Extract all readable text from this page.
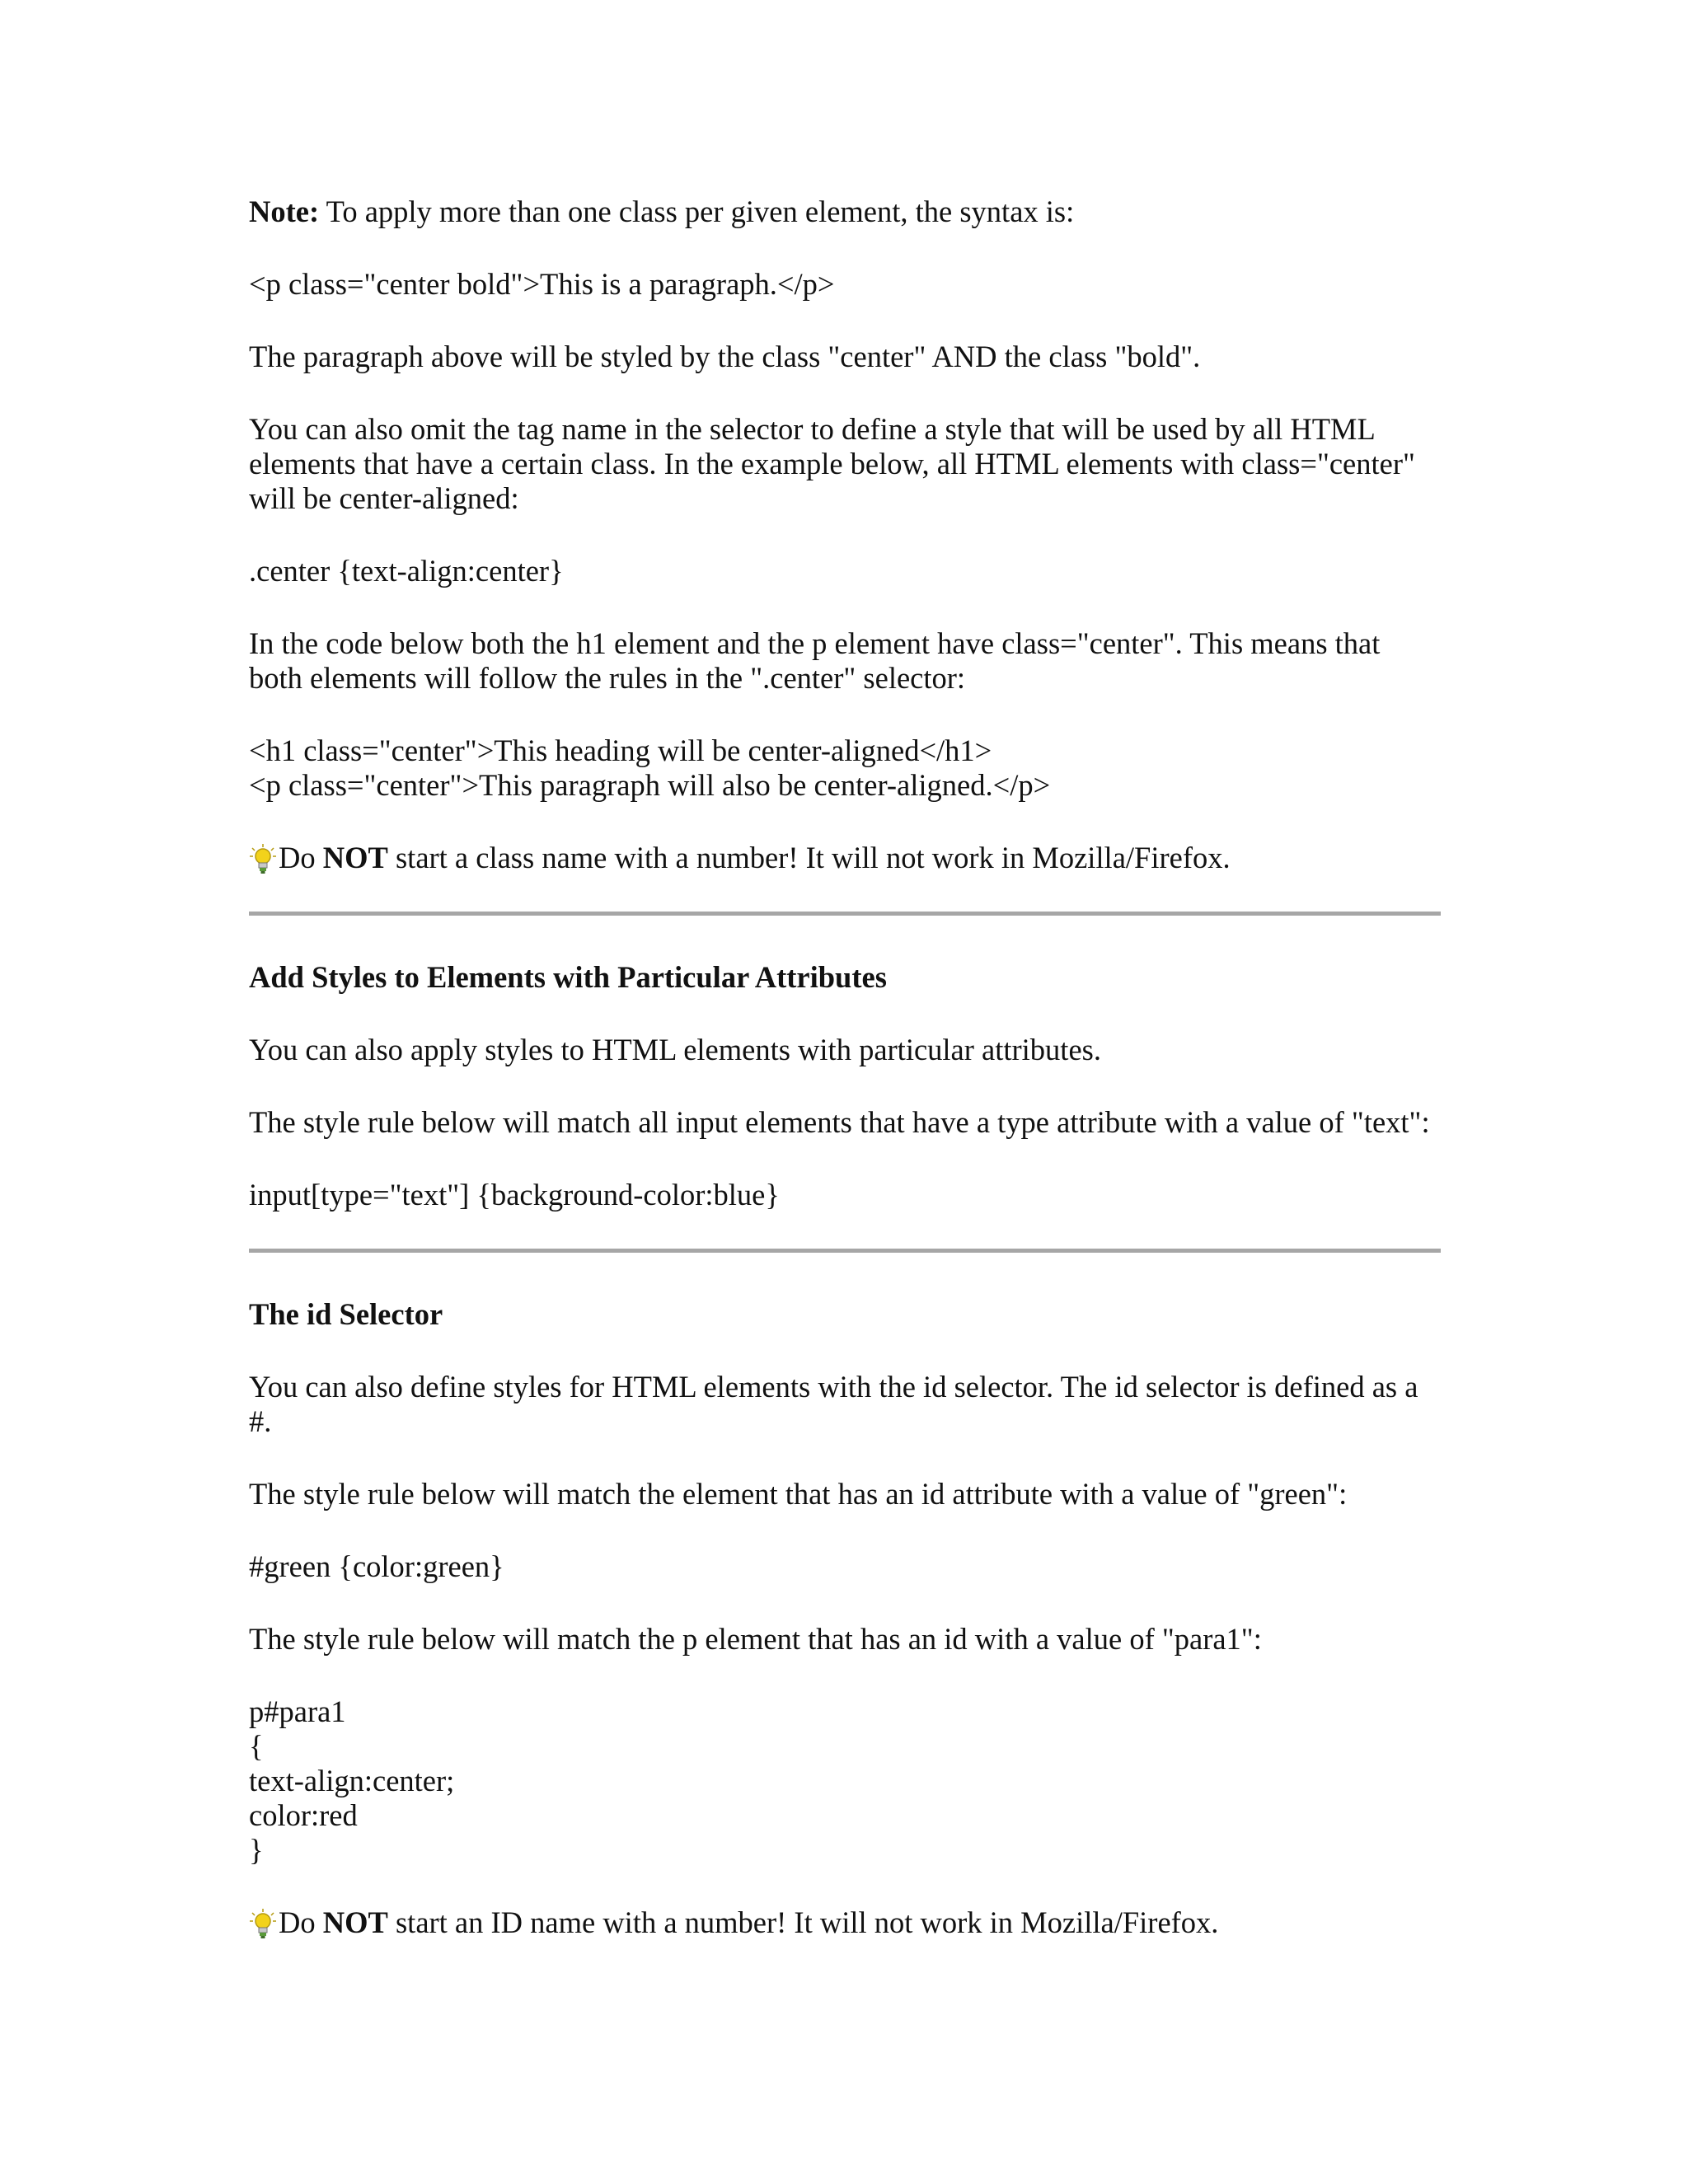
Note: To apply more than one class per given element, the syntax is:

<p class="center bold">This is a paragraph.</p>

The paragraph above will be styled by the class "center" AND the class "bold".

You can also omit the tag name in the selector to define a style that will be used by all HTML
elements that have a certain class. In the example below, all HTML elements with class="center"
will be center-aligned:

.center {text-align:center}

In the code below both the h1 element and the p element have class="center". This means that
both elements will follow the rules in the ".center" selector:
<h1 class="center">This heading will be center-aligned</h1>
<p class="center">This paragraph will also be center-aligned.</p>
Do NOT start a class name with a number! It will not work in Mozilla/Firefox.
Add Styles to Elements with Particular Attributes

You can also apply styles to HTML elements with particular attributes.

The style rule below will match all input elements that have a type attribute with a value of "text":

input[type="text"] {background-color:blue}

The id Selector
You can also define styles for HTML elements with the id selector. The id selector is defined as a
#.

The style rule below will match the element that has an id attribute with a value of "green":

#green {color:green}

The style rule below will match the p element that has an id with a value of "para1":

p#para1
{
text-align:center;
color:red
}
Do NOT start an ID name with a number! It will not work in Mozilla/Firefox.
